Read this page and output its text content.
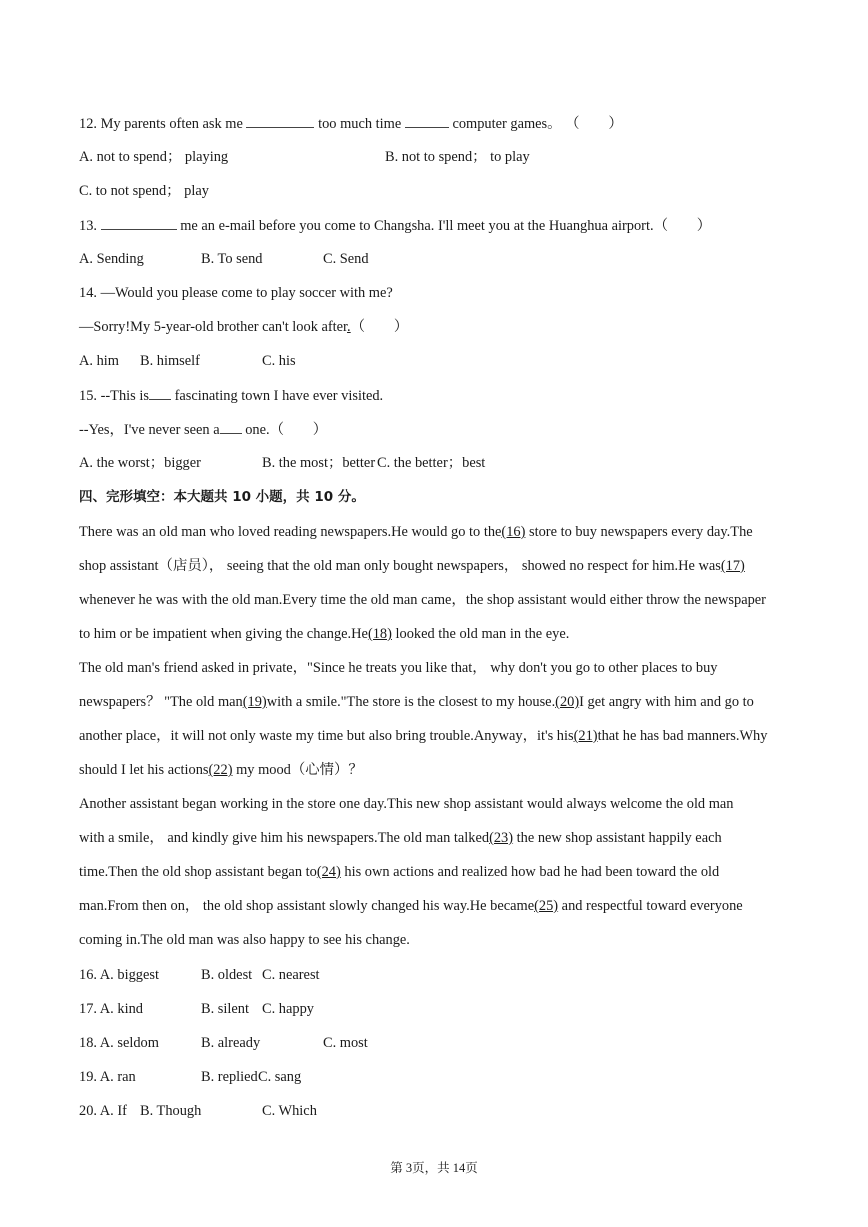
12. My parents often ask me	too much time	computer games。 （　　）
A. not to spend； playing	B. not to spend； to play
C. to not spend； play
13.	me an e-mail before you come to Changsha. I'll meet you at the Huanghua airport.（　　）
A. Sending	B. To send	C. Send
14. —Would you please come to play soccer with me?
—Sorry!My 5-year-old brother can't look after.（　　）
A. him B. himself	C. his
15. --This is fascinating town I have ever visited.
--Yes，I've never seen a one.（　　）
A. the worst；bigger	B. the most；better C. the better；best
四、完形填空：本大题共 10 小题，共 10 分。
There was an old man who loved reading newspapers.He would go to the(16) store to buy newspapers every day.The
shop assistant（店员）， seeing that the old man only bought newspapers， showed no respect for him.He was(17)
whenever he was with the old man.Every time the old man came，the shop assistant would either throw the newspaper
to him or be impatient when giving the change.He(18) looked the old man in the eye.
The old man's friend asked in private，"Since he treats you like that， why don't you go to other places to buy
newspapers？ "The old man(19)with a smile."The store is the closest to my house.(20)I get angry with him and go to
another place，it will not only waste my time but also bring trouble.Anyway，it's his(21)that he has bad manners.Why
should I let his actions(22) my mood（心情）？
Another assistant began working in the store one day.This new shop assistant would always welcome the old man
with a smile， and kindly give him his newspapers.The old man talked(23) the new shop assistant happily each
time.Then the old shop assistant began to(24) his own actions and realized how bad he had been toward the old
man.From then on， the old shop assistant slowly changed his way.He became(25) and respectful toward everyone
coming in.The old man was also happy to see his change.
16. A. biggest	B. oldest C. nearest
17. A. kind	B. silent C. happy
18. A. seldom	B. already	C. most
19. A. ran	B. replied C. sang
20. A. If B. Though	C. Which
第 3页，共 14页
